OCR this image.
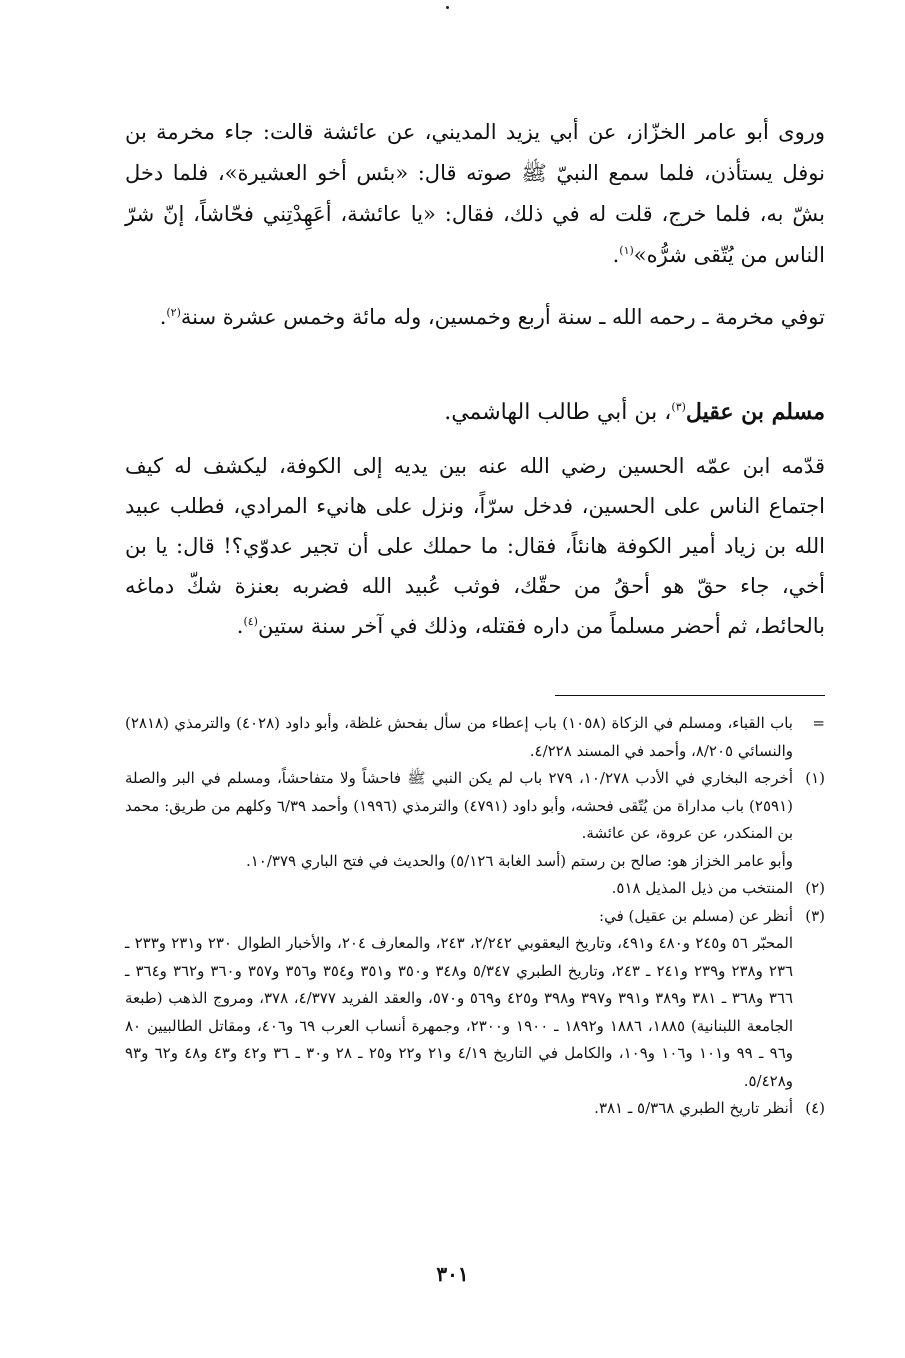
وروى أبو عامر الخزّاز، عن أبي يزيد المديني، عن عائشة قالت: جاء مخرمة بن نوفل يستأذن، فلما سمع النبيّ ﷺ صوته قال: «بئس أخو العشيرة»، فلما دخل بشّ به، فلما خرج، قلت له في ذلك، فقال: «يا عائشة، أعَهِدْتِني فحّاشاً، إنّ شرّ الناس من يُتّقى شرُّه»$^{(١)}$.

توفي مخرمة ـ رحمه الله ـ سنة أربع وخمسين، وله مائة وخمس عشرة سنة$^{(٢)}$.

مسلم بن عقيل$^{(٣)}$، بن أبي طالب الهاشمي.

قدّمه ابن عمّه الحسين رضي الله عنه بين يديه إلى الكوفة، ليكشف له كيف اجتماع الناس على الحسين، فدخل سرّاً، ونزل على هانيء المرادي، فطلب عبيد الله بن زياد أمير الكوفة هانئاً، فقال: ما حملك على أن تجير عدوّي؟! قال: يا بن أخي، جاء حقّ هو أحقُ من حقّك، فوثب عُبيد الله فضربه بعنزة شكّ دماغه بالحائط، ثم أحضر مسلماً من داره فقتله، وذلك في آخر سنة ستين$^{(٤)}$.

=
باب القباء، ومسلم في الزكاة (١٠٥٨) باب إعطاء من سأل بفحش غلظة، وأبو داود (٤٠٢٨) والترمذي (٢٨١٨) والنسائي ٨/٢٠٥، وأحمد في المسند ٤/٢٢٨.
(١)
أخرجه البخاري في الأدب ١٠/٢٧٨، ٢٧٩ باب لم يكن النبي ﷺ فاحشاً ولا متفاحشاً، ومسلم في البر والصلة (٢٥٩١) باب مداراة من يُتّقى فحشه، وأبو داود (٤٧٩١) والترمذي (١٩٩٦) وأحمد ٦/٣٩ وكلهم من طريق: محمد بن المنكدر، عن عروة، عن عائشة.
وأبو عامر الخزاز هو: صالح بن رستم (أسد الغابة ٥/١٢٦) والحديث في فتح الباري ١٠/٣٧٩.
(٢)
المنتخب من ذيل المذيل ٥١٨.
(٣)
أنظر عن (مسلم بن عقيل) في:
المحبّر ٥٦ و٢٤٥ و٤٨٠ و٤٩١، وتاريخ اليعقوبي ٢/٢٤٢، ٢٤٣، والمعارف ٢٠٤، والأخبار الطوال ٢٣٠ و٢٣١ و٢٣٣ ـ ٢٣٦ و٢٣٨ و٢٣٩ و٢٤١ ـ ٢٤٣، وتاريخ الطبري ٥/٣٤٧ و٣٤٨ و٣٥٠ و٣٥١ و٣٥٤ و٣٥٦ و٣٥٧ و٣٦٠ و٣٦٢ و٣٦٤ ـ ٣٦٦ و٣٦٨ ـ ٣٨١ و٣٨٩ و٣٩١ و٣٩٧ و٣٩٨ و٤٢٥ و٥٦٩ و٥٧٠، والعقد الفريد ٤/٣٧٧، ٣٧٨، ومروج الذهب (طبعة الجامعة اللبنانية) ١٨٨٥، ١٨٨٦ و١٨٩٢ ـ ١٩٠٠ و٢٣٠٠، وجمهرة أنساب العرب ٦٩ و٤٠٦، ومقاتل الطالبيين ٨٠ و٩٦ ـ ٩٩ و١٠١ و١٠٦ و١٠٩، والكامل في التاريخ ٤/١٩ و٢١ و٢٢ و٢٥ ـ ٢٨ و٣٠ ـ ٣٦ و٤٢ و٤٣ و٤٨ و٦٢ و٩٣ و٥/٤٢٨.
(٤)
أنظر تاريخ الطبري ٥/٣٦٨ ـ ٣٨١.
٣٠١
